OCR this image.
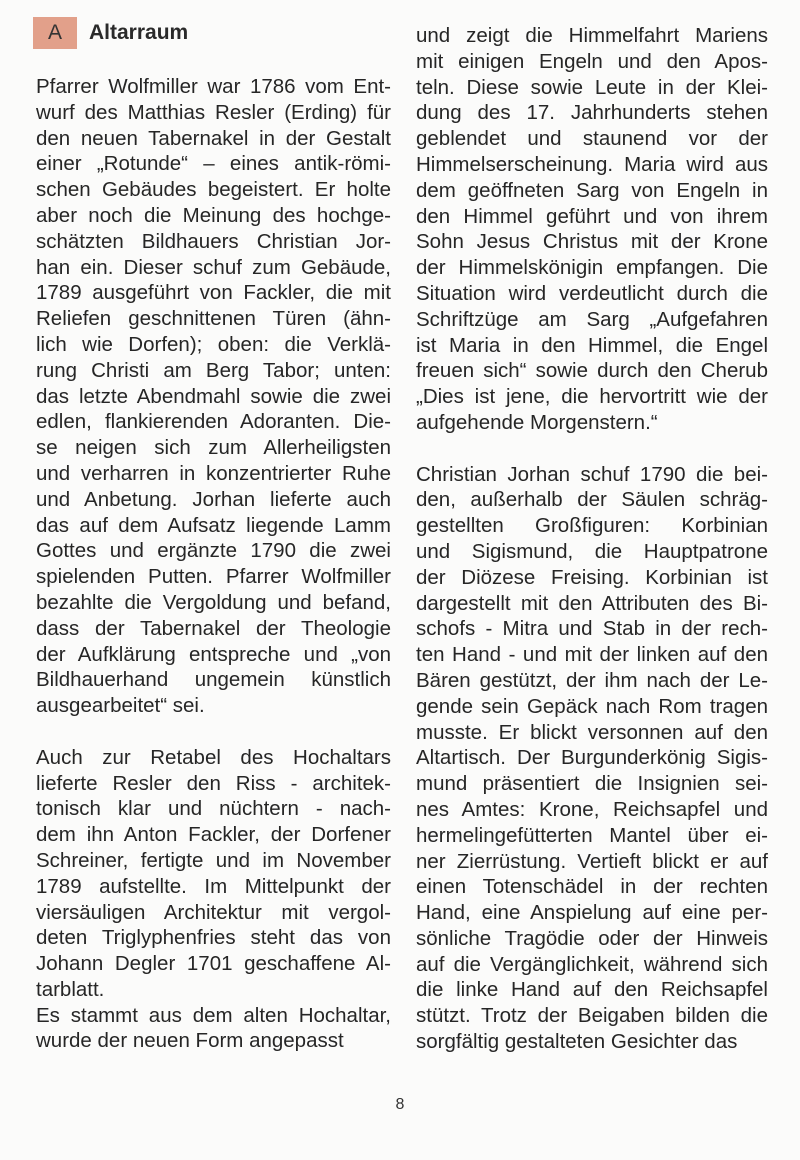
A	Altarraum
Pfarrer Wolfmiller war 1786 vom Ent-
wurf des Matthias Resler (Erding) für
den neuen Tabernakel in der Gestalt
einer „Rotunde“ – eines antik-römi-
schen Gebäudes begeistert. Er holte
aber noch die Meinung des hochge-
schätzten Bildhauers Christian Jor-
han ein. Dieser schuf zum Gebäude,
1789 ausgeführt von Fackler, die mit
Reliefen geschnittenen Türen (ähn-
lich wie Dorfen); oben: die Verklä-
rung Christi am Berg Tabor; unten:
das letzte Abendmahl sowie die zwei
edlen, flankierenden Adoranten. Die-
se neigen sich zum Allerheiligsten
und verharren in konzentrierter Ruhe
und Anbetung. Jorhan lieferte auch
das auf dem Aufsatz liegende Lamm
Gottes und ergänzte 1790 die zwei
spielenden Putten. Pfarrer Wolfmiller
bezahlte die Vergoldung und befand,
dass der Tabernakel der Theologie
der Aufklärung entspreche und „von
Bildhauerhand ungemein künstlich
ausgearbeitet“ sei.
Auch zur Retabel des Hochaltars
lieferte Resler den Riss - architek-
tonisch klar und nüchtern - nach-
dem ihn Anton Fackler, der Dorfener
Schreiner, fertigte und im November
1789 aufstellte. Im Mittelpunkt der
viersäuligen Architektur mit vergol-
deten Triglyphenfries steht das von
Johann Degler 1701 geschaffene Al-
tarblatt.
Es stammt aus dem alten Hochaltar,
wurde der neuen Form angepasst
und zeigt die Himmelfahrt Mariens
mit einigen Engeln und den Apos-
teln. Diese sowie Leute in der Klei-
dung des 17. Jahrhunderts stehen
geblendet und staunend vor der
Himmelserscheinung. Maria wird aus
dem geöffneten Sarg von Engeln in
den Himmel geführt und von ihrem
Sohn Jesus Christus mit der Krone
der Himmelskönigin empfangen. Die
Situation wird verdeutlicht durch die
Schriftzüge am Sarg „Aufgefahren
ist Maria in den Himmel, die Engel
freuen sich“ sowie durch den Cherub
„Dies ist jene, die hervortritt wie der
aufgehende Morgenstern.“
Christian Jorhan schuf 1790 die bei-
den, außerhalb der Säulen schräg-
gestellten Großfiguren: Korbinian
und Sigismund, die Hauptpatrone
der Diözese Freising. Korbinian ist
dargestellt mit den Attributen des Bi-
schofs - Mitra und Stab in der rech-
ten Hand - und mit der linken auf den
Bären gestützt, der ihm nach der Le-
gende sein Gepäck nach Rom tragen
musste. Er blickt versonnen auf den
Altartisch. Der Burgunderkönig Sigis-
mund präsentiert die Insignien sei-
nes Amtes: Krone, Reichsapfel und
hermelingefütterten Mantel über ei-
ner Zierrüstung. Vertieft blickt er auf
einen Totenschädel in der rechten
Hand, eine Anspielung auf eine per-
sönliche Tragödie oder der Hinweis
auf die Vergänglichkeit, während sich
die linke Hand auf den Reichsapfel
stützt. Trotz der Beigaben bilden die
sorgfältig gestalteten Gesichter das
8
